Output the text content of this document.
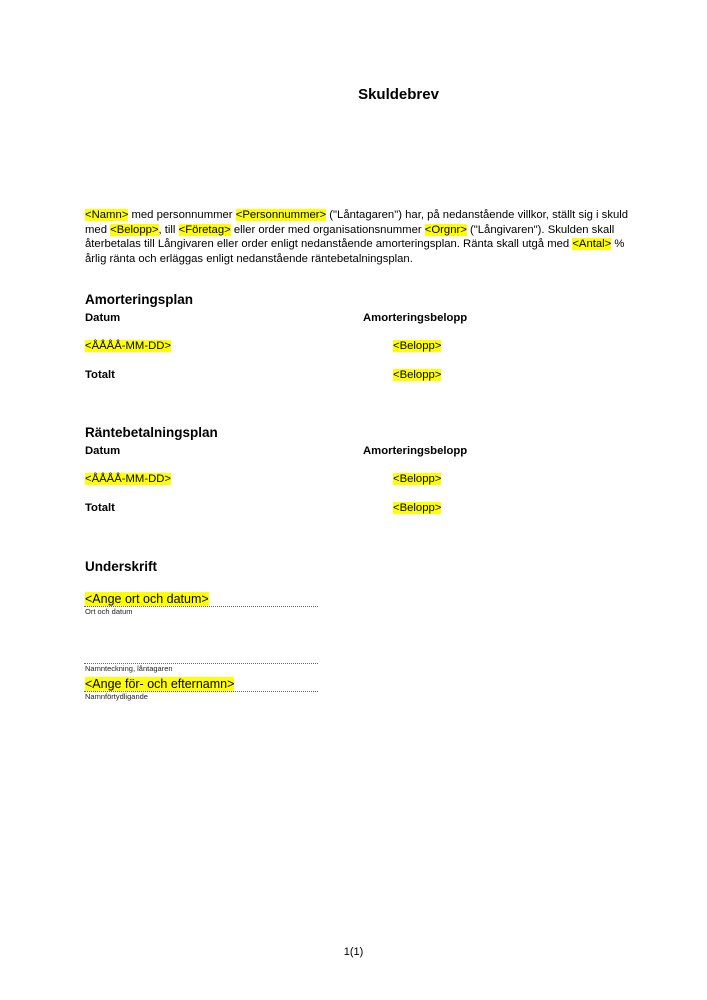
Skuldebrev
<Namn> med personnummer <Personnummer> ("Låntagaren") har, på nedanstående villkor, ställt sig i skuld med <Belopp>, till <Företag> eller order med organisationsnummer <Orgnr> ("Långivaren"). Skulden skall återbetalas till Långivaren eller order enligt nedanstående amorteringsplan. Ränta skall utgå med <Antal> % årlig ränta och erläggas enligt nedanstående räntebetalningsplan.
Amorteringsplan
Datum	Amorteringsbelopp
<ÅÅÅÅ-MM-DD>	<Belopp>
Totalt	<Belopp>
Räntebetalningsplan
Datum	Amorteringsbelopp
<ÅÅÅÅ-MM-DD>	<Belopp>
Totalt	<Belopp>
Underskrift
<Ange ort och datum>
Ort och datum
Namnteckning, låntagaren
<Ange för- och efternamn>
Namnförtydligande
1(1)
